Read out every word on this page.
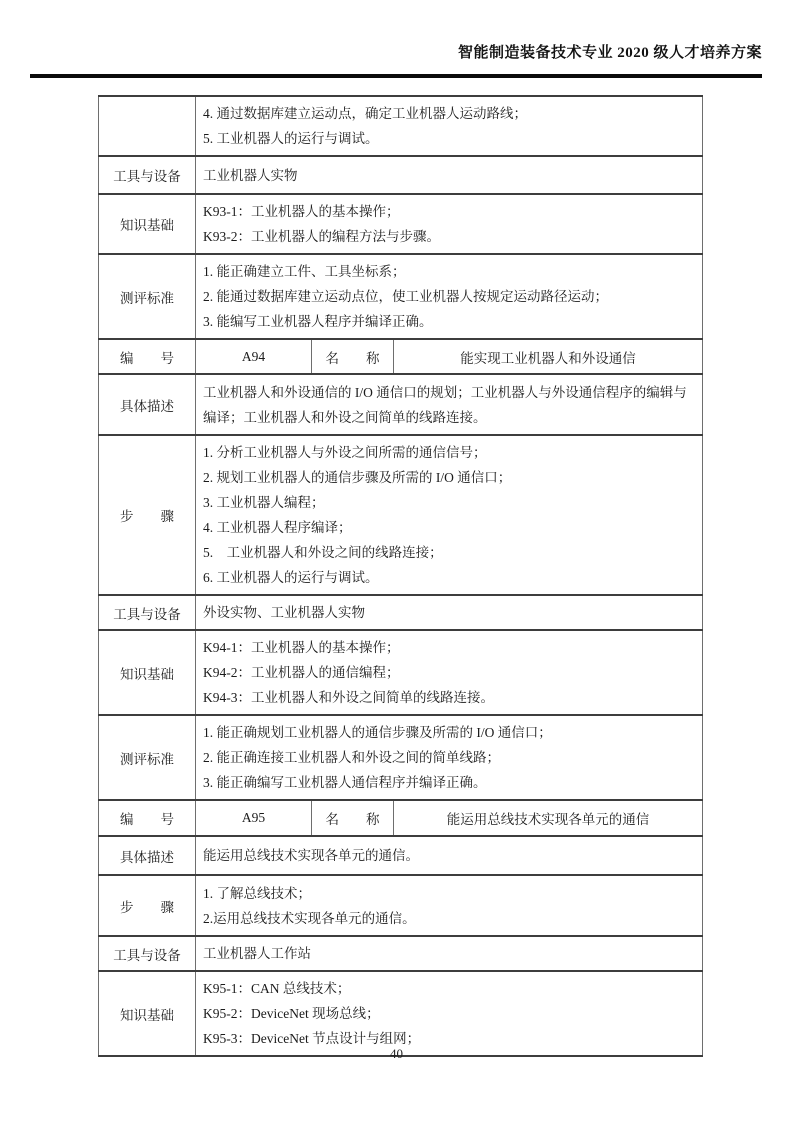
智能制造装备技术专业 2020 级人才培养方案

	4. 通过数据库建立运动点，确定工业机器人运动路线；
5. 工业机器人的运行与调试。		

工具与设备	工业机器人实物		

知识基础	K93-1：工业机器人的基本操作；
K93-2：工业机器人的编程方法与步骤。		

测评标准	1. 能正确建立工件、工具坐标系；
2. 能通过数据库建立运动点位，使工业机器人按规定运动路径运动；
3. 能编写工业机器人程序并编译正确。		

编　　号	A94	名　　称	能实现工业机器人和外设通信
具体描述	工业机器人和外设通信的 I/O 通信口的规划；工业机器人与外设通信程序的编辑与编译；工业机器人和外设之间简单的线路连接。		

步　　骤	
1. 分析工业机器人与外设之间所需的通信信号；
2. 规划工业机器人的通信步骤及所需的 I/O 通信口；
3. 工业机器人编程；
4. 工业机器人程序编译；
5.　工业机器人和外设之间的线路连接；
6. 工业机器人的运行与调试。

工具与设备	外设实物、工业机器人实物		

知识基础	K94-1：工业机器人的基本操作；
K94-2：工业机器人的通信编程；
K94-3：工业机器人和外设之间简单的线路连接。		

测评标准	1. 能正确规划工业机器人的通信步骤及所需的 I/O 通信口；
2. 能正确连接工业机器人和外设之间的简单线路；
3. 能正确编写工业机器人通信程序并编译正确。		

编　　号	A95	名　　称	能运用总线技术实现各单元的通信
具体描述	能运用总线技术实现各单元的通信。		

步　　骤	1. 了解总线技术；
2.运用总线技术实现各单元的通信。		

工具与设备	工业机器人工作站		

知识基础	K95-1：CAN 总线技术；
K95-2：DeviceNet 现场总线；
K95-3：DeviceNet 节点设计与组网；		
40
